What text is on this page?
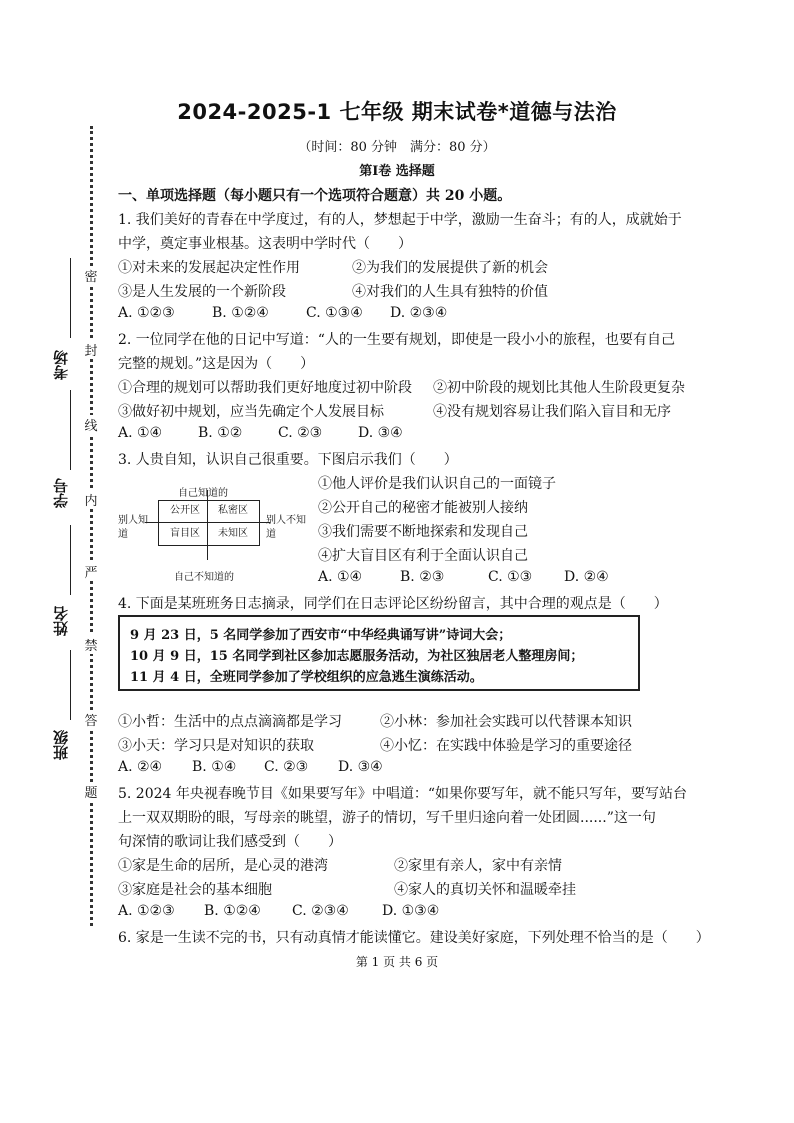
密
封
线
内
严
禁
答
题
考场
学号
姓名
班级
2024-2025-1 七年级 期末试卷*道德与法治
（时间：80 分钟　满分：80 分）
第Ⅰ卷 选择题
一、单项选择题（每小题只有一个选项符合题意）共 20 小题。
1. 我们美好的青春在中学度过，有的人，梦想起于中学，激励一生奋斗；有的人，成就始于
中学，奠定事业根基。这表明中学时代（　　）
①对未来的发展起决定性作用	②为我们的发展提供了新的机会
③是人生发展的一个新阶段	④对我们的人生具有独特的价值
A. ①②③	B. ①②④	C. ①③④ D. ②③④
2. 一位同学在他的日记中写道：“人的一生要有规划，即使是一段小小的旅程，也要有自己
完整的规划。”这是因为（　　）
①合理的规划可以帮助我们更好地度过初中阶段 ②初中阶段的规划比其他人生阶段更复杂
③做好初中规划，应当先确定个人发展目标	④没有规划容易让我们陷入盲目和无序
A. ①④	B. ①②	C. ②③	D. ③④
3. 人贵自知，认识自己很重要。下图启示我们（　　）
自己知道的
自己不知道的
别人知道
别人不知道
公开区	私密区
盲目区	未知区
①他人评价是我们认识自己的一面镜子
②公开自己的秘密才能被别人接纳
③我们需要不断地探索和发现自己
④扩大盲目区有利于全面认识自己
A. ①④	B. ②③	C. ①③ D. ②④
4. 下面是某班班务日志摘录，同学们在日志评论区纷纷留言，其中合理的观点是（　　）
9 月 23 日，5 名同学参加了西安市“中华经典诵写讲”诗词大会；
10 月 9 日，15 名同学到社区参加志愿服务活动，为社区独居老人整理房间；
11 月 4 日，全班同学参加了学校组织的应急逃生演练活动。
①小哲：生活中的点点滴滴都是学习	②小林：参加社会实践可以代替课本知识
③小天：学习只是对知识的获取	④小忆：在实践中体验是学习的重要途径
A. ②④ B. ①④ C. ②③ D. ③④
5. 2024 年央视春晚节目《如果要写年》中唱道：“如果你要写年，就不能只写年，要写站台
上一双双期盼的眼，写母亲的眺望，游子的情切，写千里归途向着一处团圆......”这一句
句深情的歌词让我们感受到（　　）
①家是生命的居所，是心灵的港湾	②家里有亲人，家中有亲情
③家庭是社会的基本细胞	④家人的真切关怀和温暖牵挂
A. ①②③ B. ①②④ C. ②③④ D. ①③④
6. 家是一生读不完的书，只有动真情才能读懂它。建设美好家庭，下列处理不恰当的是（　　）
第 1 页 共 6 页
